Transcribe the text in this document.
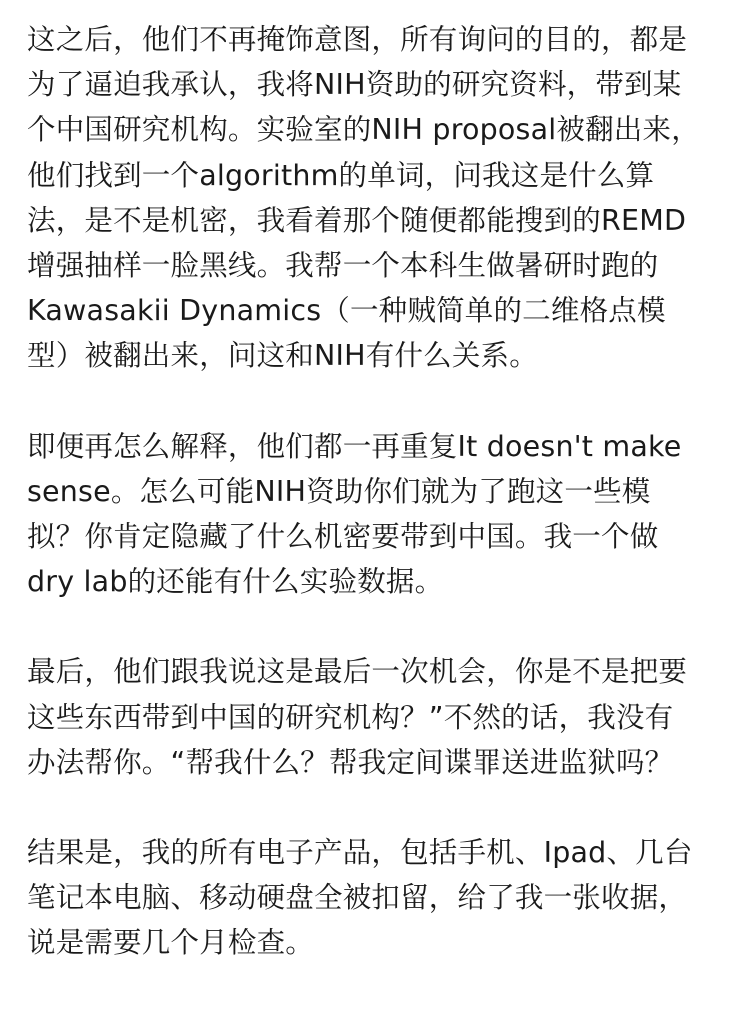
这之后，他们不再掩饰意图，所有询问的目的，都是
为了逼迫我承认，我将NIH资助的研究资料，带到某
个中国研究机构。实验室的NIH proposal被翻出来，
他们找到一个algorithm的单词，问我这是什么算
法，是不是机密，我看着那个随便都能搜到的REMD
增强抽样一脸黑线。我帮一个本科生做暑研时跑的
Kawasakii Dynamics（一种贼简单的二维格点模
型）被翻出来，问这和NIH有什么关系。
即便再怎么解释，他们都一再重复It doesn't make
sense。怎么可能NIH资助你们就为了跑这一些模
拟？你肯定隐藏了什么机密要带到中国。我一个做
dry lab的还能有什么实验数据。
最后，他们跟我说这是最后一次机会，你是不是把要
这些东西带到中国的研究机构？”不然的话，我没有
办法帮你。“帮我什么？帮我定间谍罪送进监狱吗？
结果是，我的所有电子产品，包括手机、Ipad、几台
笔记本电脑、移动硬盘全被扣留，给了我一张收据，
说是需要几个月检查。
